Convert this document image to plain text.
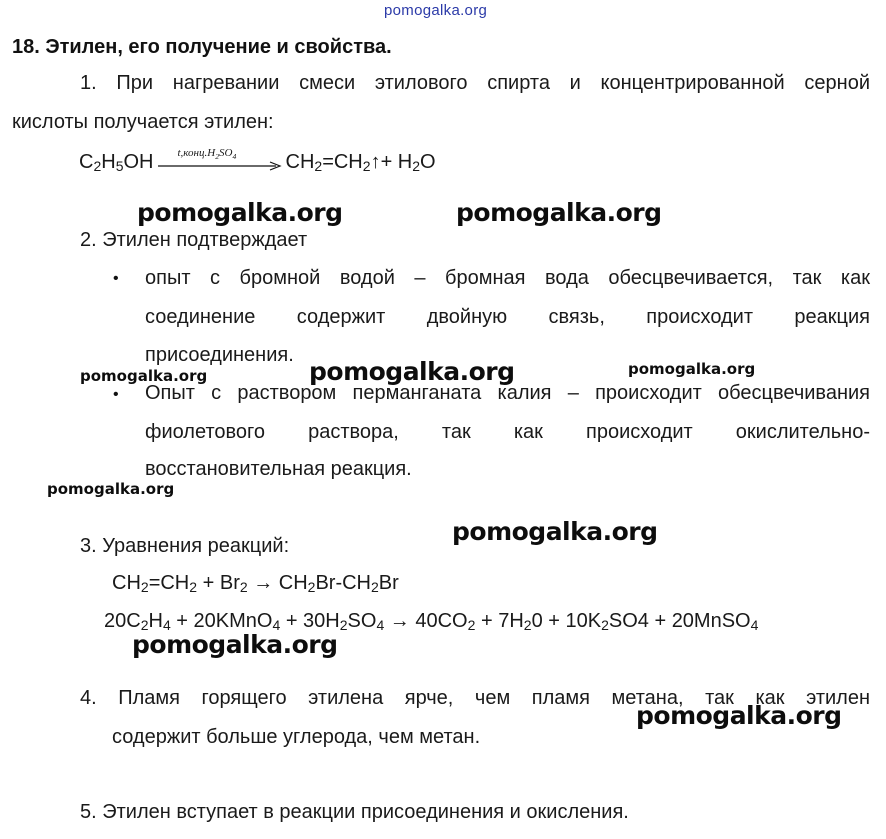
pomogalka.org
18. Этилен, его получение и свойства.
1. При нагревании смеси этилового спирта и концентрированной серной
кислоты получается этилен:
$C_2H_5OH$ $t,конц.H_2SO_4$ $CH_2=CH_2↑+ H_2O$
pomogalka.org	pomogalka.org
2. Этилен подтверждает
• опыт с бромной водой – бромная вода обесцвечивается, так как
соединение содержит двойную связь, происходит реакция
присоединения.
pomogalka.org	pomogalka.org	pomogalka.org
• Опыт с раствором перманганата калия – происходит обесцвечивания
фиолетового раствора, так как происходит окислительно-
восстановительная реакция.
pomogalka.org
pomogalka.org
3. Уравнения реакций:
$CH_2=CH_2 + Br_2 \to CH_2Br-CH_2Br$
$20C_2H_4$ + 20KMnO$_4$ + $30H_2SO_4 \to 40CO_2 + 7H_20 + 10K_2SO4$ + 20MnSO$_4$
pomogalka.org
4. Пламя горящего этилена ярче, чем пламя метана, так как этилен
pomogalka.org
содержит больше углерода, чем метан.
5. Этилен вступает в реакции присоединения и окисления.
